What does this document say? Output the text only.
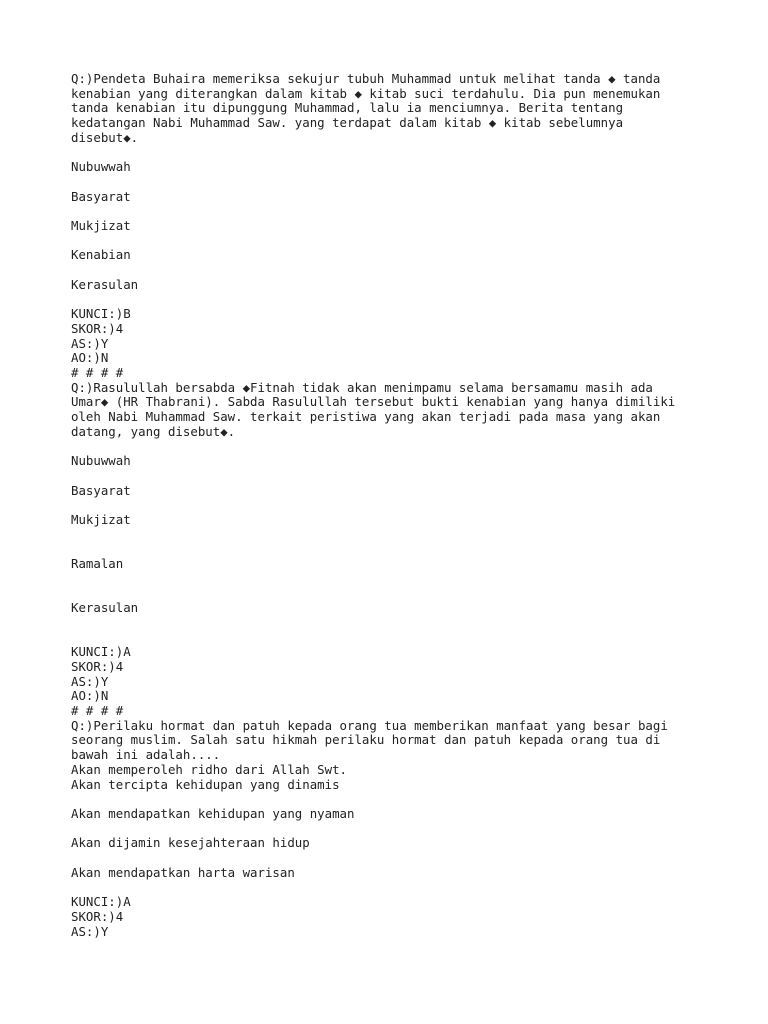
Q:)Pendeta Buhaira memeriksa sekujur tubuh Muhammad untuk melihat tanda ◆ tanda
kenabian yang diterangkan dalam kitab ◆ kitab suci terdahulu. Dia pun menemukan
tanda kenabian itu dipunggung Muhammad, lalu ia menciumnya. Berita tentang
kedatangan Nabi Muhammad Saw. yang terdapat dalam kitab ◆ kitab sebelumnya
disebut◆.

Nubuwwah

Basyarat

Mukjizat

Kenabian

Kerasulan

KUNCI:)B
SKOR:)4
AS:)Y
AO:)N
# # # #

Q:)Rasulullah bersabda ◆Fitnah tidak akan menimpamu selama bersamamu masih ada
Umar◆ (HR Thabrani). Sabda Rasulullah tersebut bukti kenabian yang hanya dimiliki
oleh Nabi Muhammad Saw. terkait peristiwa yang akan terjadi pada masa yang akan
datang, yang disebut◆.

Nubuwwah

Basyarat

Mukjizat

Ramalan

Kerasulan

KUNCI:)A
SKOR:)4
AS:)Y
AO:)N
# # # #

Q:)Perilaku hormat dan patuh kepada orang tua memberikan manfaat yang besar bagi
seorang muslim. Salah satu hikmah perilaku hormat dan patuh kepada orang tua di
bawah ini adalah....
Akan memperoleh ridho dari Allah Swt.
Akan tercipta kehidupan yang dinamis

Akan mendapatkan kehidupan yang nyaman

Akan dijamin kesejahteraan hidup

Akan mendapatkan harta warisan

KUNCI:)A
SKOR:)4
AS:)Y
